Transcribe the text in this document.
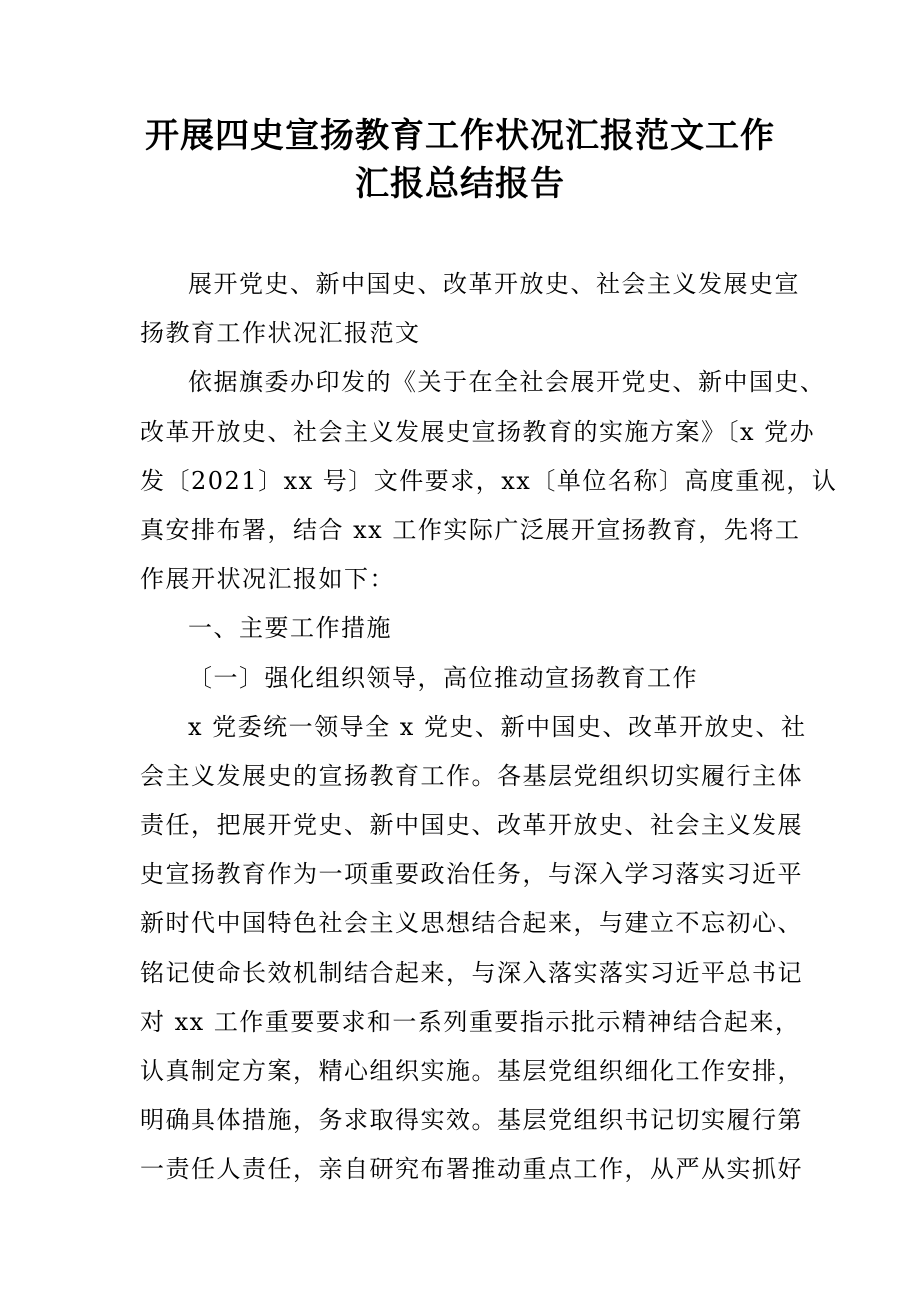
开展四史宣扬教育工作状况汇报范文工作
汇报总结报告
展开党史、新中国史、改革开放史、社会主义发展史宣
扬教育工作状况汇报范文
依据旗委办印发的《关于在全社会展开党史、新中国史、
改革开放史、社会主义发展史宣扬教育的实施方案》〔x 党办
发〔2021〕xx 号〕文件要求，xx〔单位名称〕高度重视，认
真安排布署，结合 xx 工作实际广泛展开宣扬教育，先将工
作展开状况汇报如下：
一、主要工作措施
〔一〕强化组织领导，高位推动宣扬教育工作
x 党委统一领导全 x 党史、新中国史、改革开放史、社
会主义发展史的宣扬教育工作。各基层党组织切实履行主体
责任，把展开党史、新中国史、改革开放史、社会主义发展
史宣扬教育作为一项重要政治任务，与深入学习落实习近平
新时代中国特色社会主义思想结合起来，与建立不忘初心、
铭记使命长效机制结合起来，与深入落实落实习近平总书记
对 xx 工作重要要求和一系列重要指示批示精神结合起来，
认真制定方案，精心组织实施。基层党组织细化工作安排，
明确具体措施，务求取得实效。基层党组织书记切实履行第
一责任人责任，亲自研究布署推动重点工作，从严从实抓好
